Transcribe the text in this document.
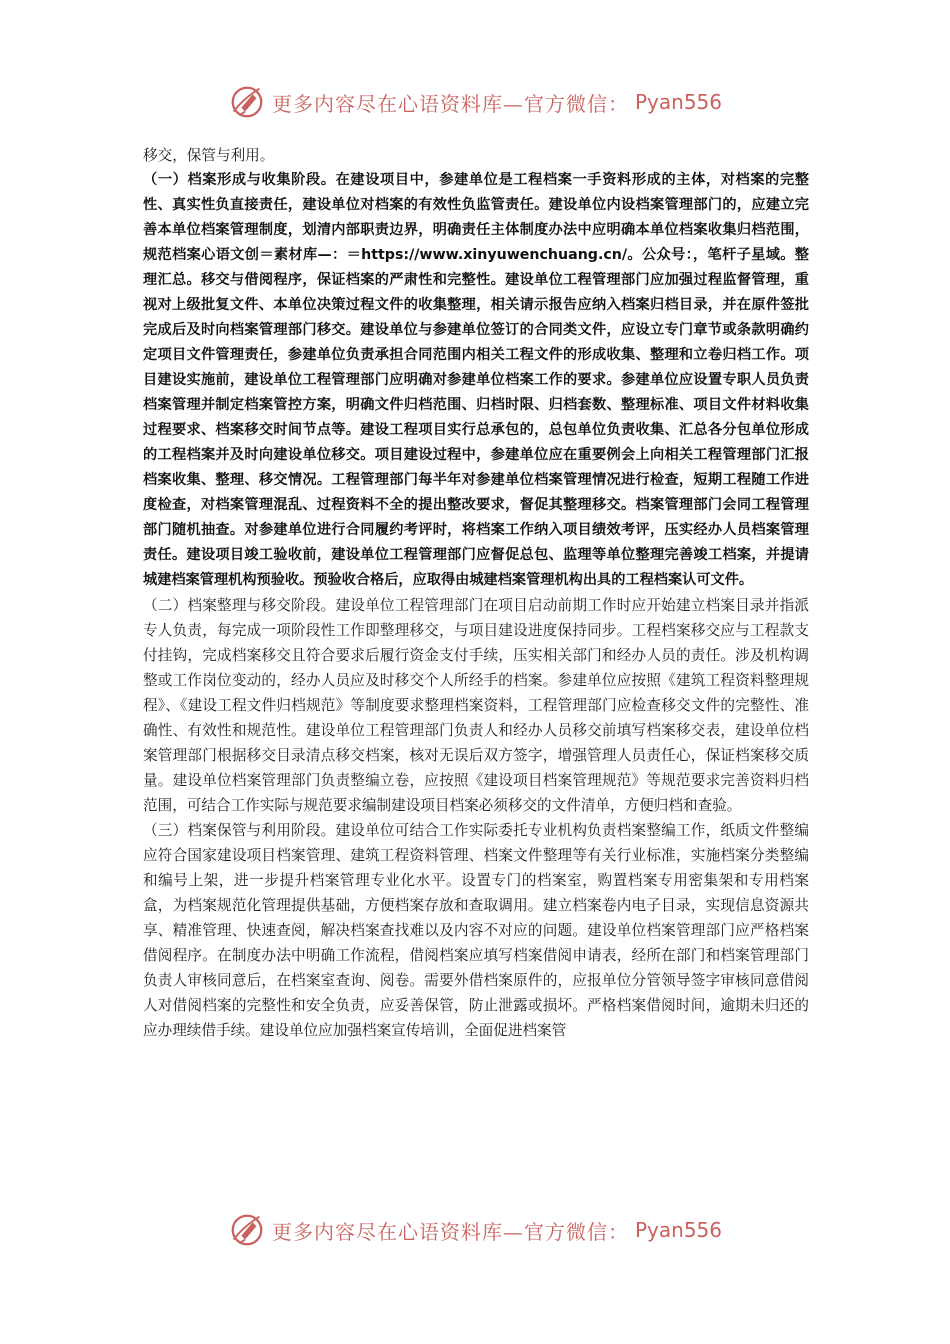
更多内容尽在心语资料库—官方微信： Pyan556

移交，保管与利用。

（一）档案形成与收集阶段。在建设项目中，参建单位是工程档案一手资料形成的主体，对档案的完整性、真实性负直接责任，建设单位对档案的有效性负监管责任。建设单位内设档案管理部门的，应建立完善本单位档案管理制度，划清内部职责边界，明确责任主体制度办法中应明确本单位档案收集归档范围，规范档案心语文创＝素材库—：＝https://www.xinyuwenchuang.cn/。公众号：，笔杆子星域。整理汇总。移交与借阅程序，保证档案的严肃性和完整性。建设单位工程管理部门应加强过程监督管理，重视对上级批复文件、本单位决策过程文件的收集整理，相关请示报告应纳入档案归档目录，并在原件签批完成后及时向档案管理部门移交。建设单位与参建单位签订的合同类文件，应设立专门章节或条款明确约定项目文件管理责任，参建单位负责承担合同范围内相关工程文件的形成收集、整理和立卷归档工作。项目建设实施前，建设单位工程管理部门应明确对参建单位档案工作的要求。参建单位应设置专职人员负责档案管理并制定档案管控方案，明确文件归档范围、归档时限、归档套数、整理标准、项目文件材料收集过程要求、档案移交时间节点等。建设工程项目实行总承包的，总包单位负责收集、汇总各分包单位形成的工程档案并及时向建设单位移交。项目建设过程中，参建单位应在重要例会上向相关工程管理部门汇报档案收集、整理、移交情况。工程管理部门每半年对参建单位档案管理情况进行检查，短期工程随工作进度检查，对档案管理混乱、过程资料不全的提出整改要求，督促其整理移交。档案管理部门会同工程管理部门随机抽查。对参建单位进行合同履约考评时，将档案工作纳入项目绩效考评，压实经办人员档案管理责任。建设项目竣工验收前，建设单位工程管理部门应督促总包、监理等单位整理完善竣工档案，并提请城建档案管理机构预验收。预验收合格后，应取得由城建档案管理机构出具的工程档案认可文件。

（二）档案整理与移交阶段。建设单位工程管理部门在项目启动前期工作时应开始建立档案目录并指派专人负责，每完成一项阶段性工作即整理移交，与项目建设进度保持同步。工程档案移交应与工程款支付挂钩，完成档案移交且符合要求后履行资金支付手续，压实相关部门和经办人员的责任。涉及机构调整或工作岗位变动的，经办人员应及时移交个人所经手的档案。参建单位应按照《建筑工程资料整理规程》、《建设工程文件归档规范》等制度要求整理档案资料，工程管理部门应检查移交文件的完整性、准确性、有效性和规范性。建设单位工程管理部门负责人和经办人员移交前填写档案移交表，建设单位档案管理部门根据移交目录清点移交档案，核对无误后双方签字，增强管理人员责任心，保证档案移交质量。建设单位档案管理部门负责整编立卷，应按照《建设项目档案管理规范》等规范要求完善资料归档范围，可结合工作实际与规范要求编制建设项目档案必须移交的文件清单，方便归档和查验。

（三）档案保管与利用阶段。建设单位可结合工作实际委托专业机构负责档案整编工作，纸质文件整编应符合国家建设项目档案管理、建筑工程资料管理、档案文件整理等有关行业标准，实施档案分类整编和编号上架，进一步提升档案管理专业化水平。设置专门的档案室，购置档案专用密集架和专用档案盒，为档案规范化管理提供基础，方便档案存放和查取调用。建立档案卷内电子目录，实现信息资源共享、精准管理、快速查阅，解决档案查找难以及内容不对应的问题。建设单位档案管理部门应严格档案借阅程序。在制度办法中明确工作流程，借阅档案应填写档案借阅申请表，经所在部门和档案管理部门负责人审核同意后，在档案室查询、阅卷。需要外借档案原件的，应报单位分管领导签字审核同意借阅人对借阅档案的完整性和安全负责，应妥善保管，防止泄露或损坏。严格档案借阅时间，逾期未归还的应办理续借手续。建设单位应加强档案宣传培训，全面促进档案管

更多内容尽在心语资料库—官方微信： Pyan556
